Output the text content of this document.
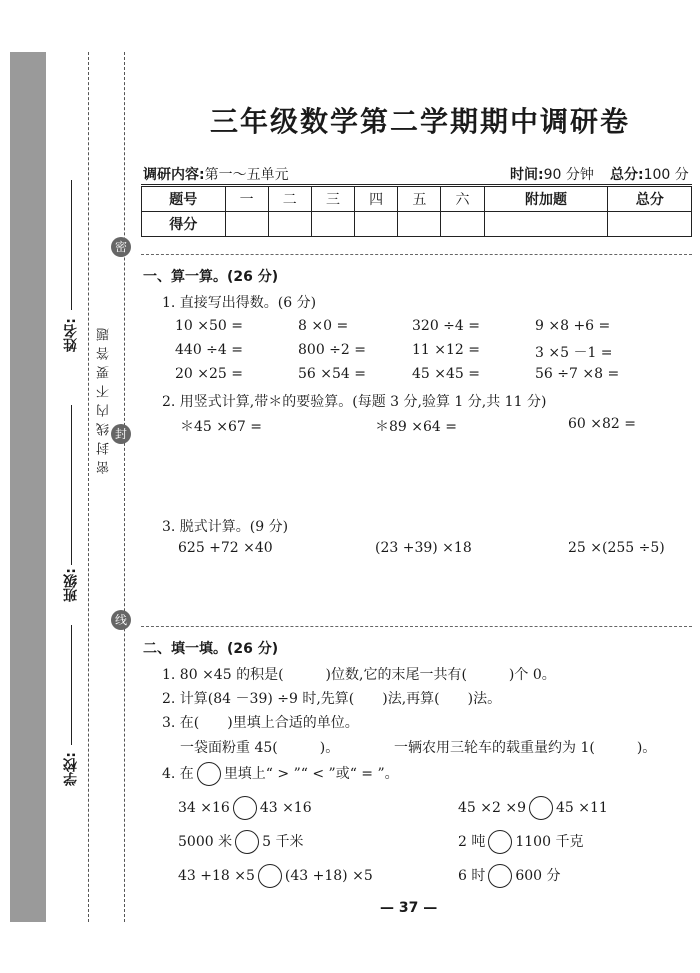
密
封
线
密封线内不要答题
姓名:
班级:
学校:
三年级数学第二学期期中调研卷
调研内容:第一～五单元	时间:90 分钟 总分:100 分
题号	一	二	三	四	五	六	附加题	总分
得分								
一、算一算。(26 分)
1. 直接写出得数。(6 分)
10 ×50 =	8 ×0 =	320 ÷4 =	9 ×8 +6 =
440 ÷4 =	800 ÷2 =	11 ×12 =	3 ×5 －1 =
20 ×25 =	56 ×54 =	45 ×45 =	56 ÷7 ×8 =
2. 用竖式计算,带＊的要验算。(每题 3 分,验算 1 分,共 11 分)
＊45 ×67 =	＊89 ×64 =	60 ×82 =
3. 脱式计算。(9 分)
625 +72 ×40	(23 +39) ×18	25 ×(255 ÷5)
二、填一填。(26 分)
1. 80 ×45 的积是(　　　)位数,它的末尾一共有(　　　)个 0。
2. 计算(84 －39) ÷9 时,先算(　　)法,再算(　　)法。
3. 在(　　)里填上合适的单位。
一袋面粉重 45(　　　)。	一辆农用三轮车的载重量约为 1(　　　)。
4. 在 里填上“ > ”“ < ”或“ = ”。
34 ×16 43 ×16	45 ×2 ×9 45 ×11
5000 米 5 千米	2 吨 1100 千克
43 +18 ×5 (43 +18) ×5	6 时 600 分
— 37 —
